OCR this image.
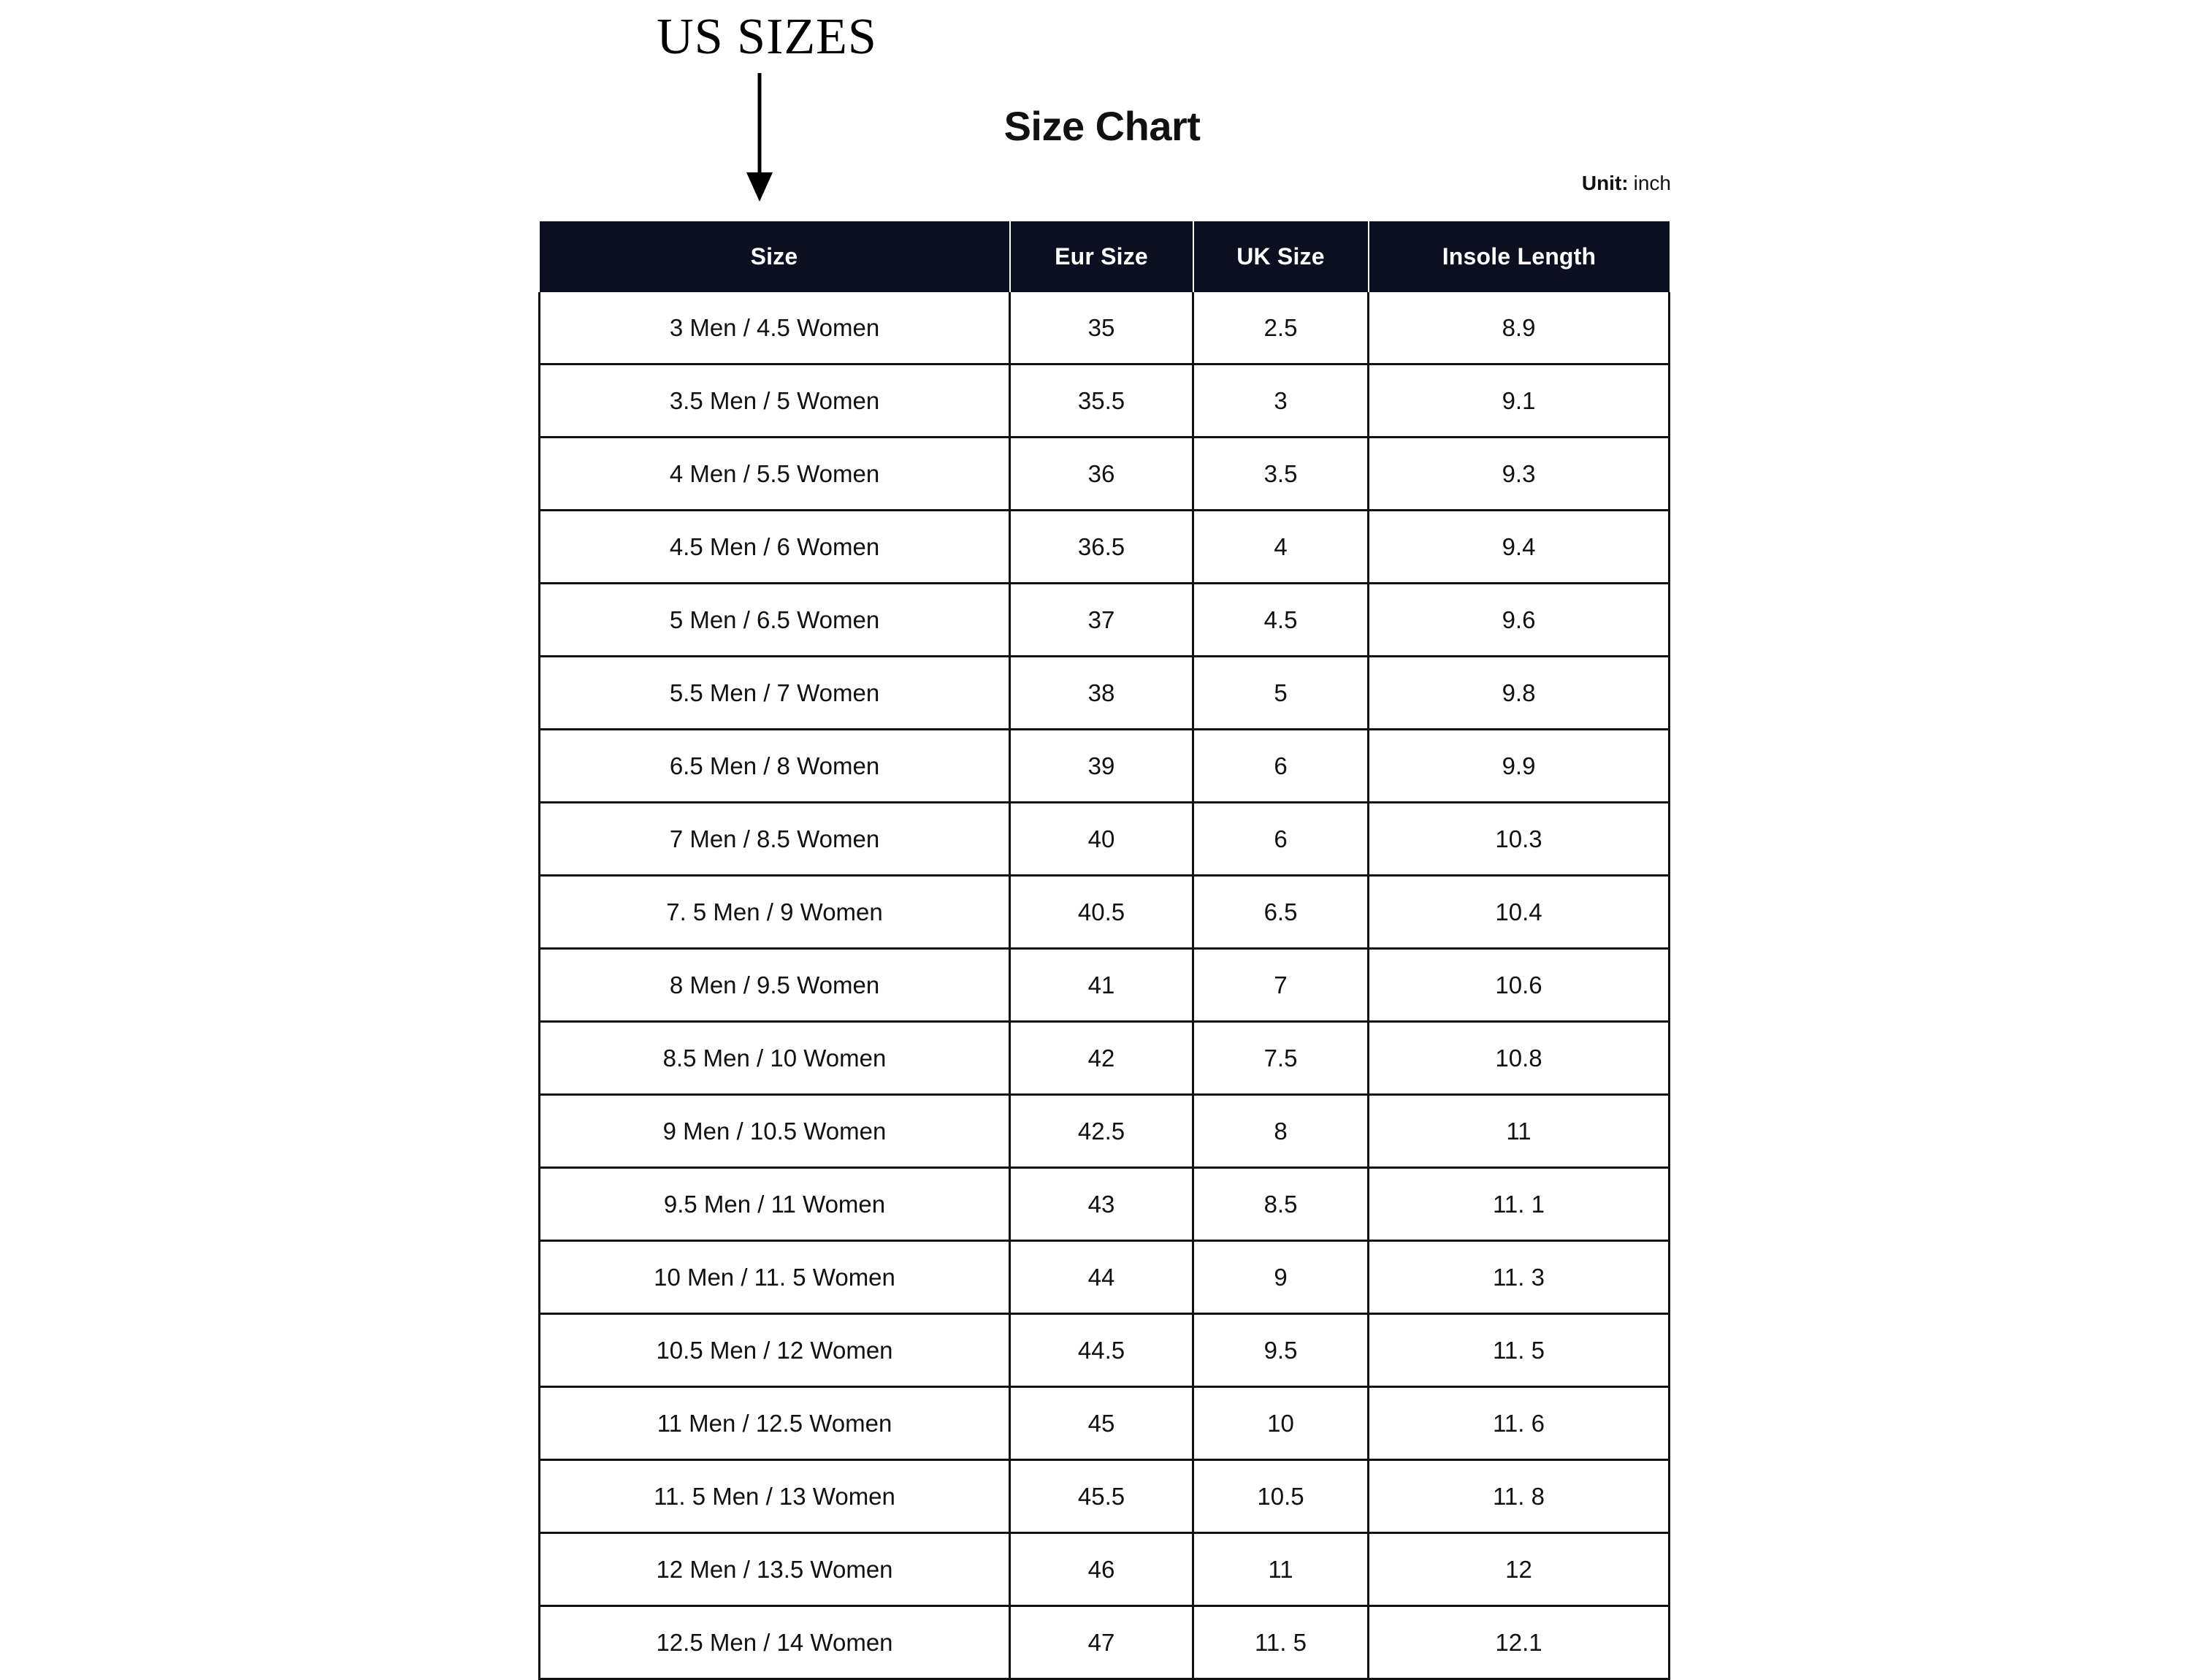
US SIZES
Size Chart
Unit: inch
Size	Eur Size	UK Size	Insole Length
3 Men / 4.5 Women	35	2.5	8.9
3.5 Men / 5 Women	35.5	3	9.1
4 Men / 5.5 Women	36	3.5	9.3
4.5 Men / 6 Women	36.5	4	9.4
5 Men / 6.5 Women	37	4.5	9.6
5.5 Men / 7 Women	38	5	9.8
6.5 Men / 8 Women	39	6	9.9
7 Men / 8.5 Women	40	6	10.3
7. 5 Men / 9 Women	40.5	6.5	10.4
8 Men / 9.5 Women	41	7	10.6
8.5 Men / 10 Women	42	7.5	10.8
9 Men / 10.5 Women	42.5	8	11
9.5 Men / 11 Women	43	8.5	11. 1
10 Men / 11. 5 Women	44	9	11. 3
10.5 Men / 12 Women	44.5	9.5	11. 5
11 Men / 12.5 Women	45	10	11. 6
11. 5 Men / 13 Women	45.5	10.5	11. 8
12 Men / 13.5 Women	46	11	12
12.5 Men / 14 Women	47	11. 5	12.1
